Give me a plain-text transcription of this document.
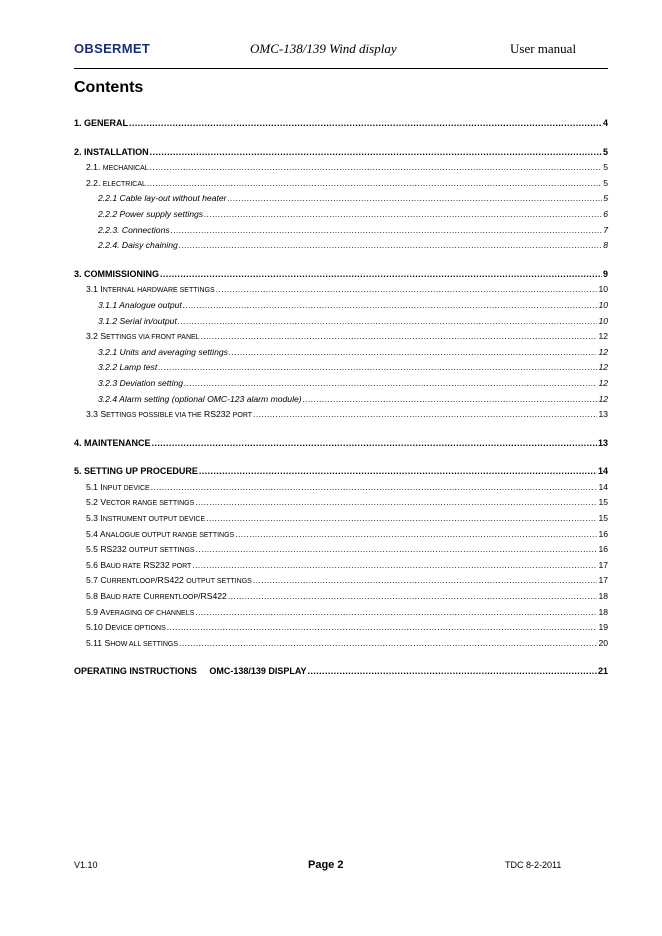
OBSERMET	OMC-138/139 Wind display	User manual
Contents
1. GENERAL .....	4
2. INSTALLATION .....	5
2.1. MECHANICAL .....	5
2.2. ELECTRICAL .....	5
2.2.1 Cable lay-out without heater .....	5
2.2.2 Power supply settings .....	6
2.2.3. Connections .....	7
2.2.4. Daisy chaining .....	8
3. COMMISSIONING .....	9
3.1 INTERNAL HARDWARE SETTINGS .....	10
3.1.1 Analogue output .....	10
3.1.2 Serial in/output .....	10
3.2 SETTINGS VIA FRONT PANEL .....	12
3.2.1 Units and averaging settings .....	12
3.2.2 Lamp test .....	12
3.2.3 Deviation setting .....	12
3.2.4 Alarm setting (optional OMC-123 alarm module) .....	12
3.3 SETTINGS POSSIBLE VIA THE RS232 PORT .....	13
4. MAINTENANCE .....	13
5. SETTING UP PROCEDURE .....	14
5.1 INPUT DEVICE .....	14
5.2 VECTOR RANGE SETTINGS .....	15
5.3 INSTRUMENT OUTPUT DEVICE .....	15
5.4 ANALOGUE OUTPUT RANGE SETTINGS .....	16
5.5 RS232 OUTPUT SETTINGS .....	16
5.6 BAUD RATE RS232 PORT .....	17
5.7 CURRENTLOOP/RS422 OUTPUT SETTINGS .....	17
5.8 BAUD RATE CURRENTLOOP/RS422 .....	18
5.9 AVERAGING OF CHANNELS .....	18
5.10 DEVICE OPTIONS .....	19
5.11 SHOW ALL SETTINGS .....	20
OPERATING INSTRUCTIONS     OMC-138/139 DISPLAY .....	21
V1.10	Page 2	TDC 8-2-2011
